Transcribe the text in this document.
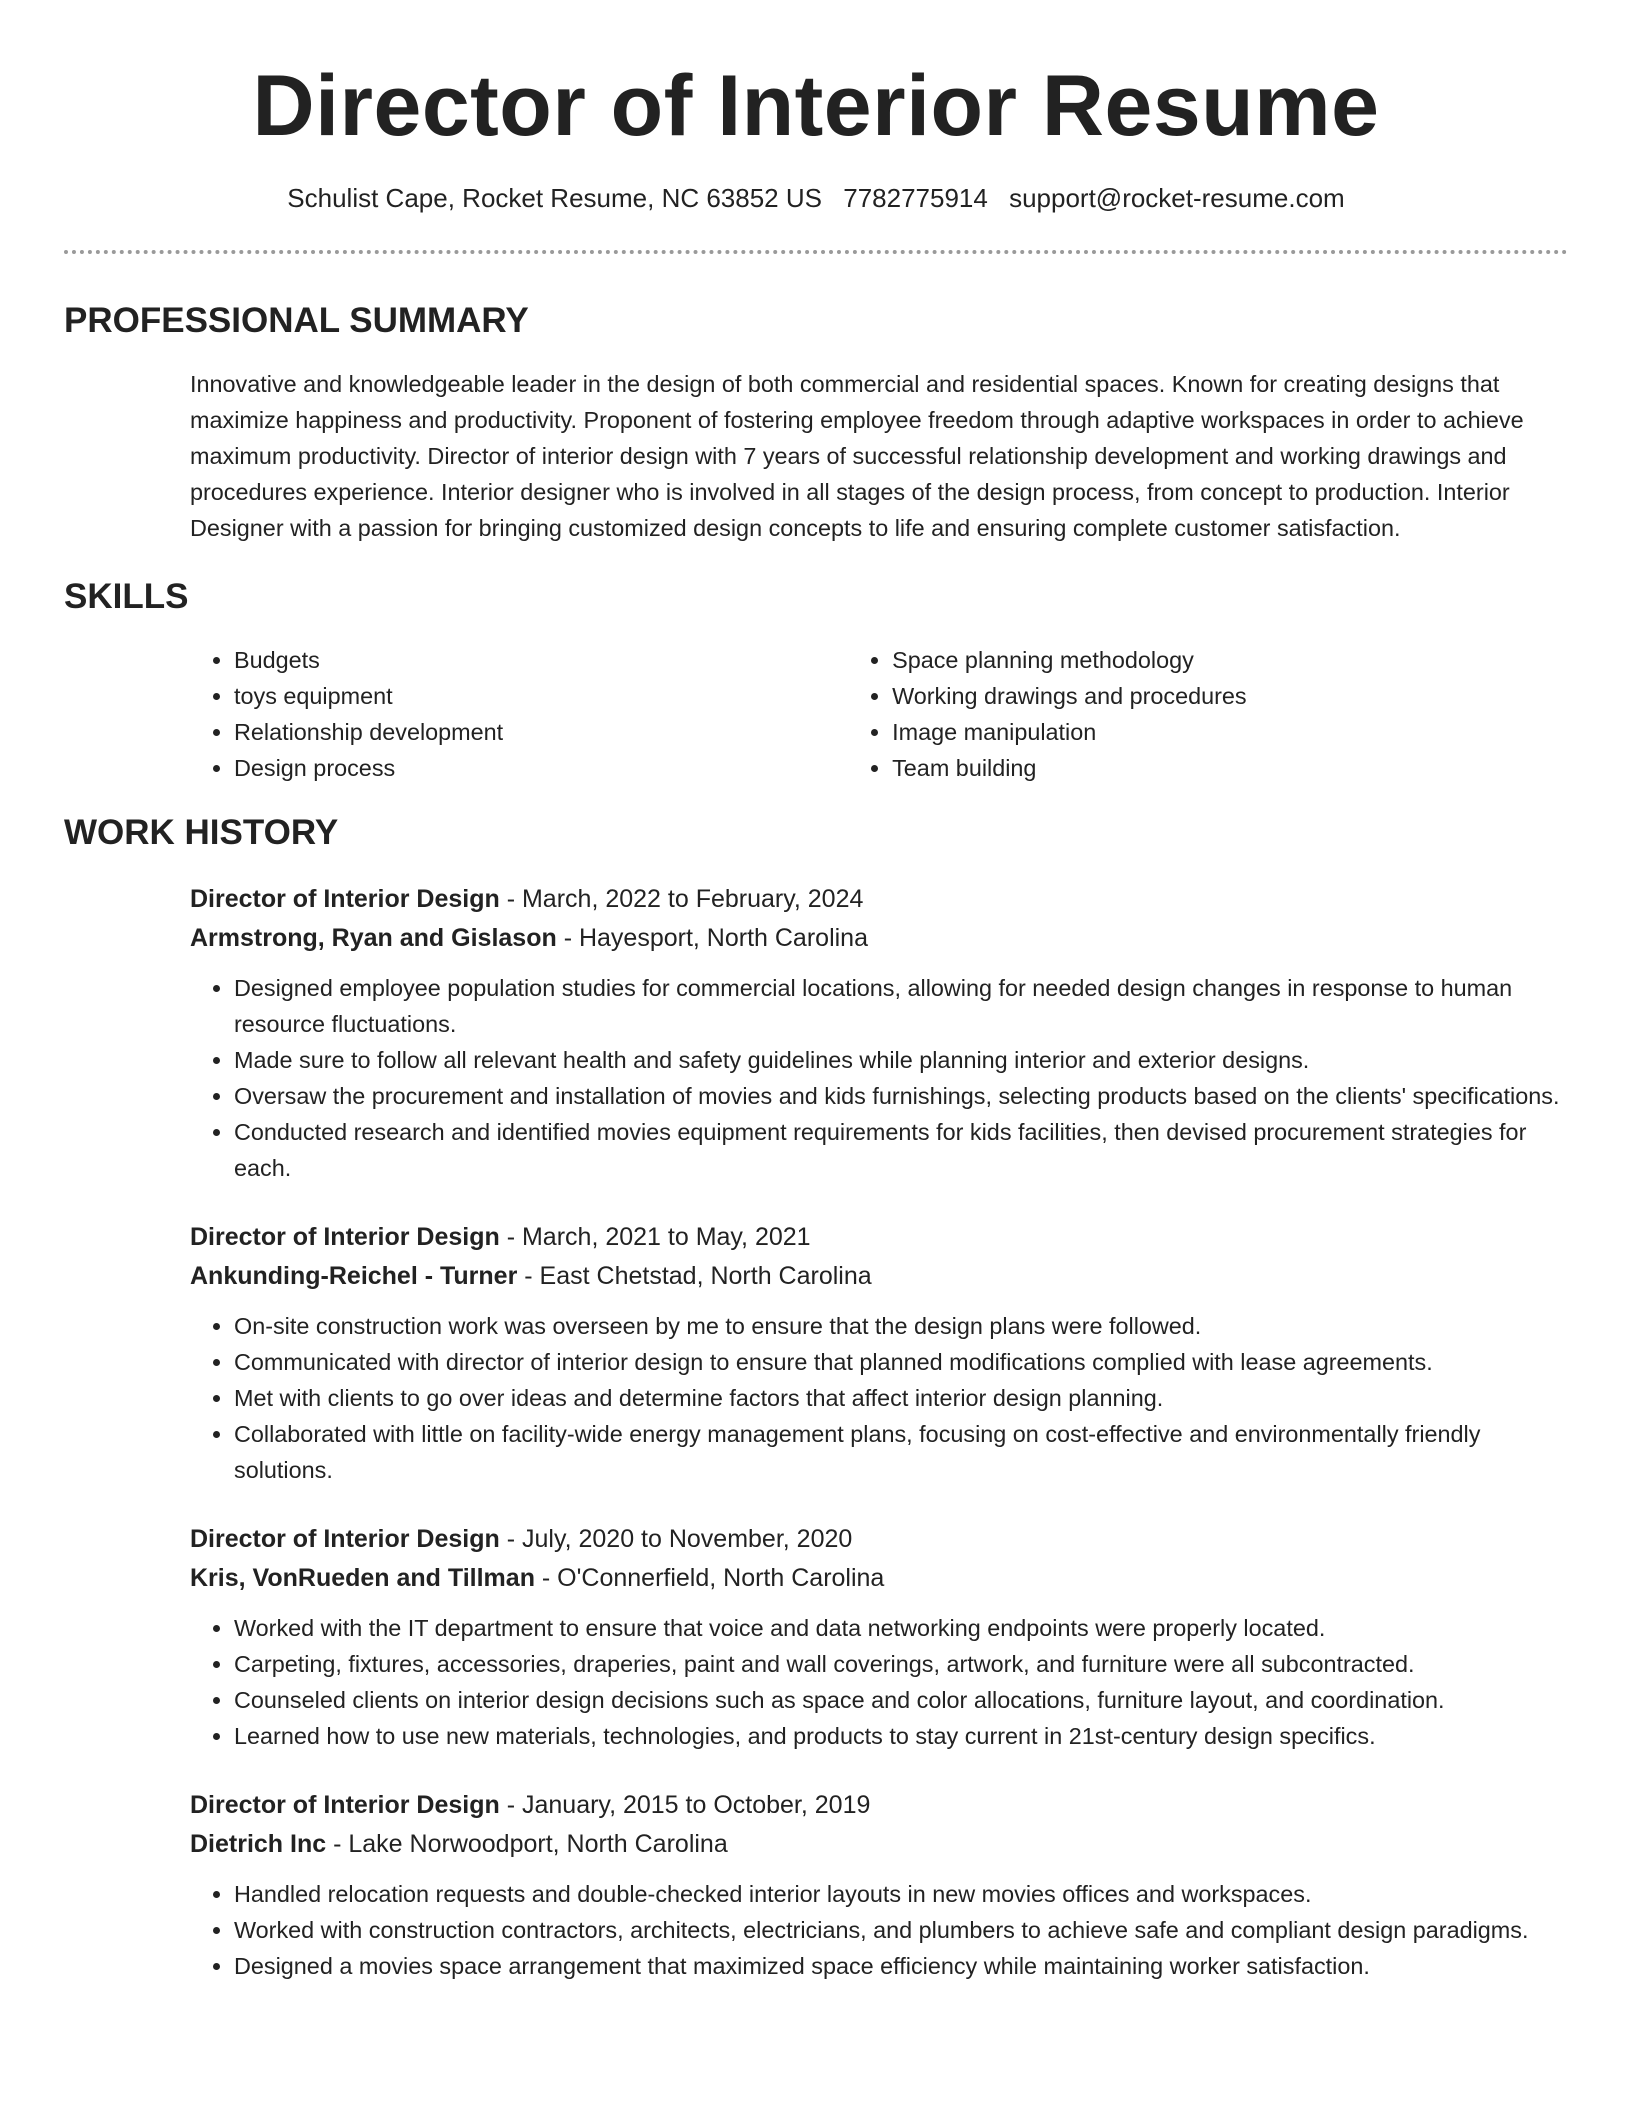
Director of Interior Resume
Schulist Cape, Rocket Resume, NC 63852 US 7782775914 support@rocket-resume.com
PROFESSIONAL SUMMARY

Innovative and knowledgeable leader in the design of both commercial and residential spaces. Known for creating designs that maximize happiness and productivity. Proponent of fostering employee freedom through adaptive workspaces in order to achieve maximum productivity. Director of interior design with 7 years of successful relationship development and working drawings and procedures experience. Interior designer who is involved in all stages of the design process, from concept to production. Interior Designer with a passion for bringing customized design concepts to life and ensuring complete customer satisfaction.

SKILLS
• Budgets
• toys equipment
• Relationship development
• Design process
• Space planning methodology
• Working drawings and procedures
• Image manipulation
• Team building
WORK HISTORY
Director of Interior Design - March, 2022 to February, 2024
Armstrong, Ryan and Gislason - Hayesport, North Carolina
• Designed employee population studies for commercial locations, allowing for needed design changes in response to human resource fluctuations.
• Made sure to follow all relevant health and safety guidelines while planning interior and exterior designs.
• Oversaw the procurement and installation of movies and kids furnishings, selecting products based on the clients' specifications.
• Conducted research and identified movies equipment requirements for kids facilities, then devised procurement strategies for each.
Director of Interior Design - March, 2021 to May, 2021
Ankunding-Reichel - Turner - East Chetstad, North Carolina
• On-site construction work was overseen by me to ensure that the design plans were followed.
• Communicated with director of interior design to ensure that planned modifications complied with lease agreements.
• Met with clients to go over ideas and determine factors that affect interior design planning.
• Collaborated with little on facility-wide energy management plans, focusing on cost-effective and environmentally friendly solutions.
Director of Interior Design - July, 2020 to November, 2020
Kris, VonRueden and Tillman - O'Connerfield, North Carolina
• Worked with the IT department to ensure that voice and data networking endpoints were properly located.
• Carpeting, fixtures, accessories, draperies, paint and wall coverings, artwork, and furniture were all subcontracted.
• Counseled clients on interior design decisions such as space and color allocations, furniture layout, and coordination.
• Learned how to use new materials, technologies, and products to stay current in 21st-century design specifics.
Director of Interior Design - January, 2015 to October, 2019
Dietrich Inc - Lake Norwoodport, North Carolina
• Handled relocation requests and double-checked interior layouts in new movies offices and workspaces.
• Worked with construction contractors, architects, electricians, and plumbers to achieve safe and compliant design paradigms.
• Designed a movies space arrangement that maximized space efficiency while maintaining worker satisfaction.
